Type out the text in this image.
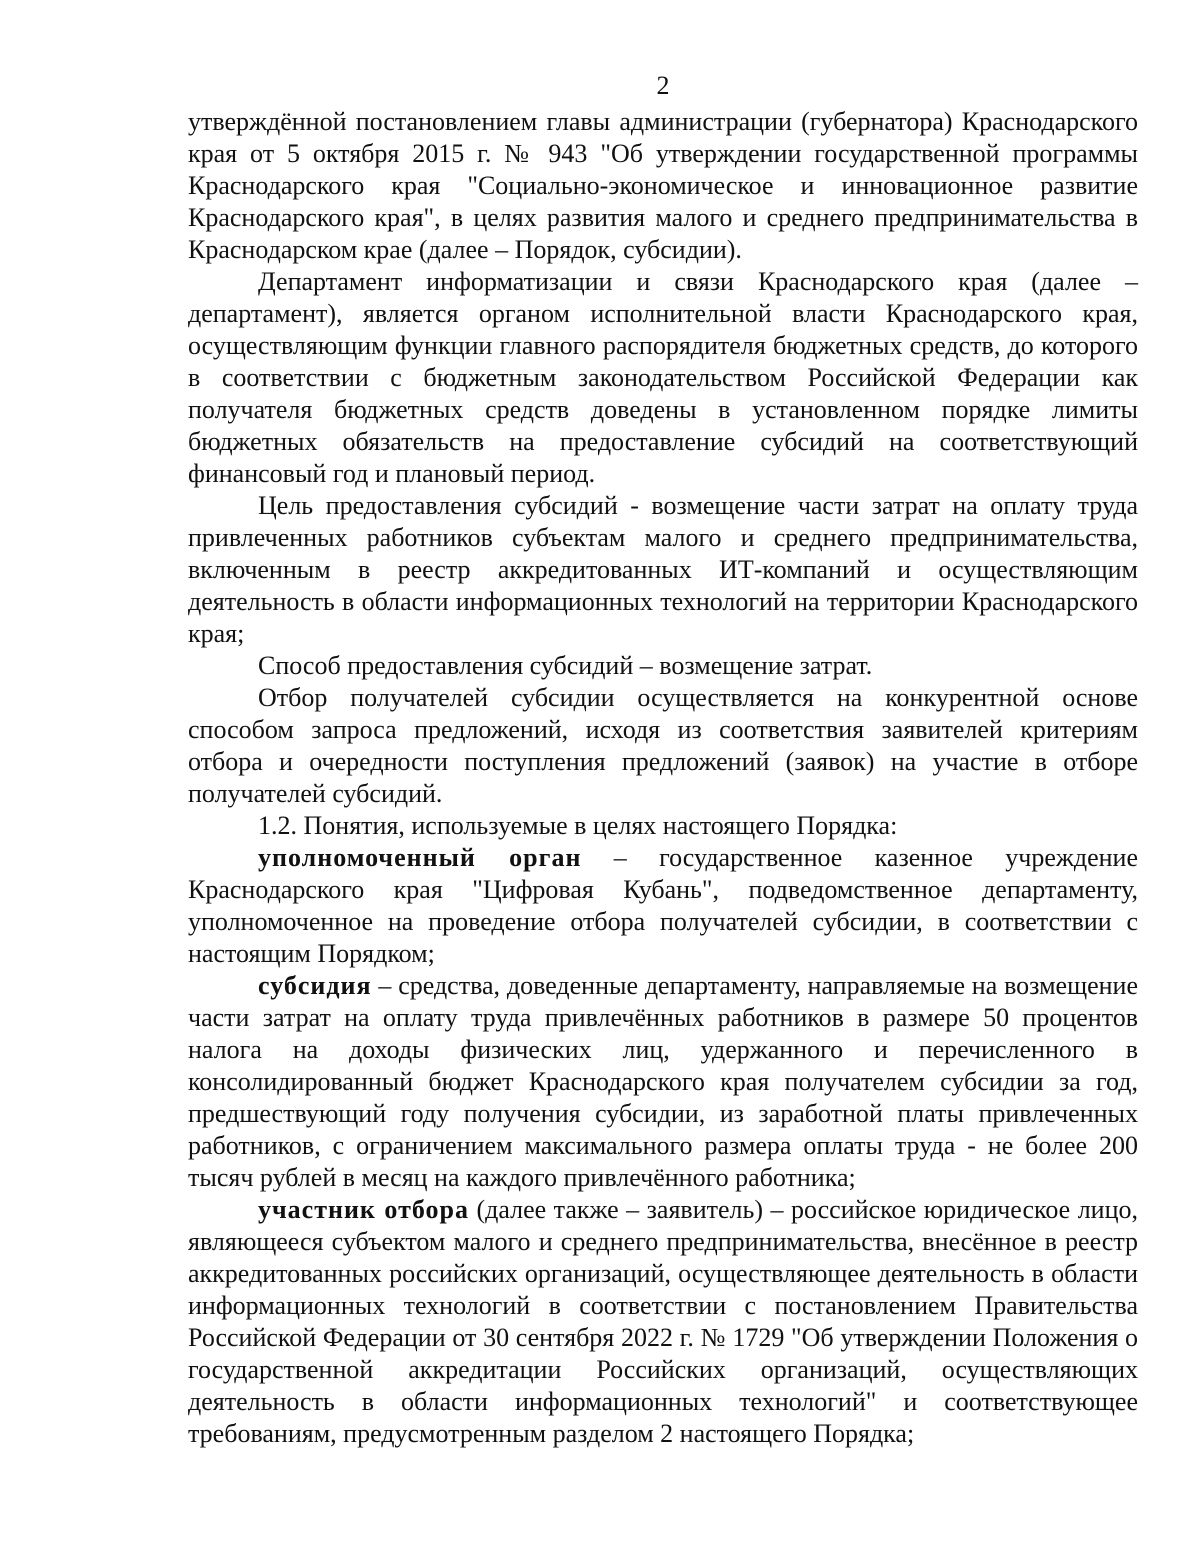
2

утверждённой постановлением главы администрации (губернатора) Краснодарского края от 5 октября 2015 г. № 943 "Об утверждении государственной программы Краснодарского края "Социально-экономическое и инновационное развитие Краснодарского края", в целях развития малого и среднего предпринимательства в Краснодарском крае (далее – Порядок, субсидии).

Департамент информатизации и связи Краснодарского края (далее – департамент), является органом исполнительной власти Краснодарского края, осуществляющим функции главного распорядителя бюджетных средств, до которого в соответствии с бюджетным законодательством Российской Федерации как получателя бюджетных средств доведены в установленном порядке лимиты бюджетных обязательств на предоставление субсидий на соответствующий финансовый год и плановый период.

Цель предоставления субсидий - возмещение части затрат на оплату труда привлеченных работников субъектам малого и среднего предпринимательства, включенным в реестр аккредитованных ИТ-компаний и осуществляющим деятельность в области информационных технологий на территории Краснодарского края;

Способ предоставления субсидий – возмещение затрат.

Отбор получателей субсидии осуществляется на конкурентной основе способом запроса предложений, исходя из соответствия заявителей критериям отбора и очередности поступления предложений (заявок) на участие в отборе получателей субсидий.

1.2. Понятия, используемые в целях настоящего Порядка:

уполномоченный орган – государственное казенное учреждение Краснодарского края "Цифровая Кубань", подведомственное департаменту, уполномоченное на проведение отбора получателей субсидии, в соответствии с настоящим Порядком;

субсидия – средства, доведенные департаменту, направляемые на возмещение части затрат на оплату труда привлечённых работников в размере 50 процентов налога на доходы физических лиц, удержанного и перечисленного в консолидированный бюджет Краснодарского края получателем субсидии за год, предшествующий году получения субсидии, из заработной платы привлеченных работников, с ограничением максимального размера оплаты труда - не более 200 тысяч рублей в месяц на каждого привлечённого работника;

участник отбора (далее также – заявитель) – российское юридическое лицо, являющееся субъектом малого и среднего предпринимательства, внесённое в реестр аккредитованных российских организаций, осуществляющее деятельность в области информационных технологий в соответствии с постановлением Правительства Российской Федерации от 30 сентября 2022 г. № 1729 "Об утверждении Положения о государственной аккредитации Российских организаций, осуществляющих деятельность в области информационных технологий" и соответствующее требованиям, предусмотренным разделом 2 настоящего Порядка;
